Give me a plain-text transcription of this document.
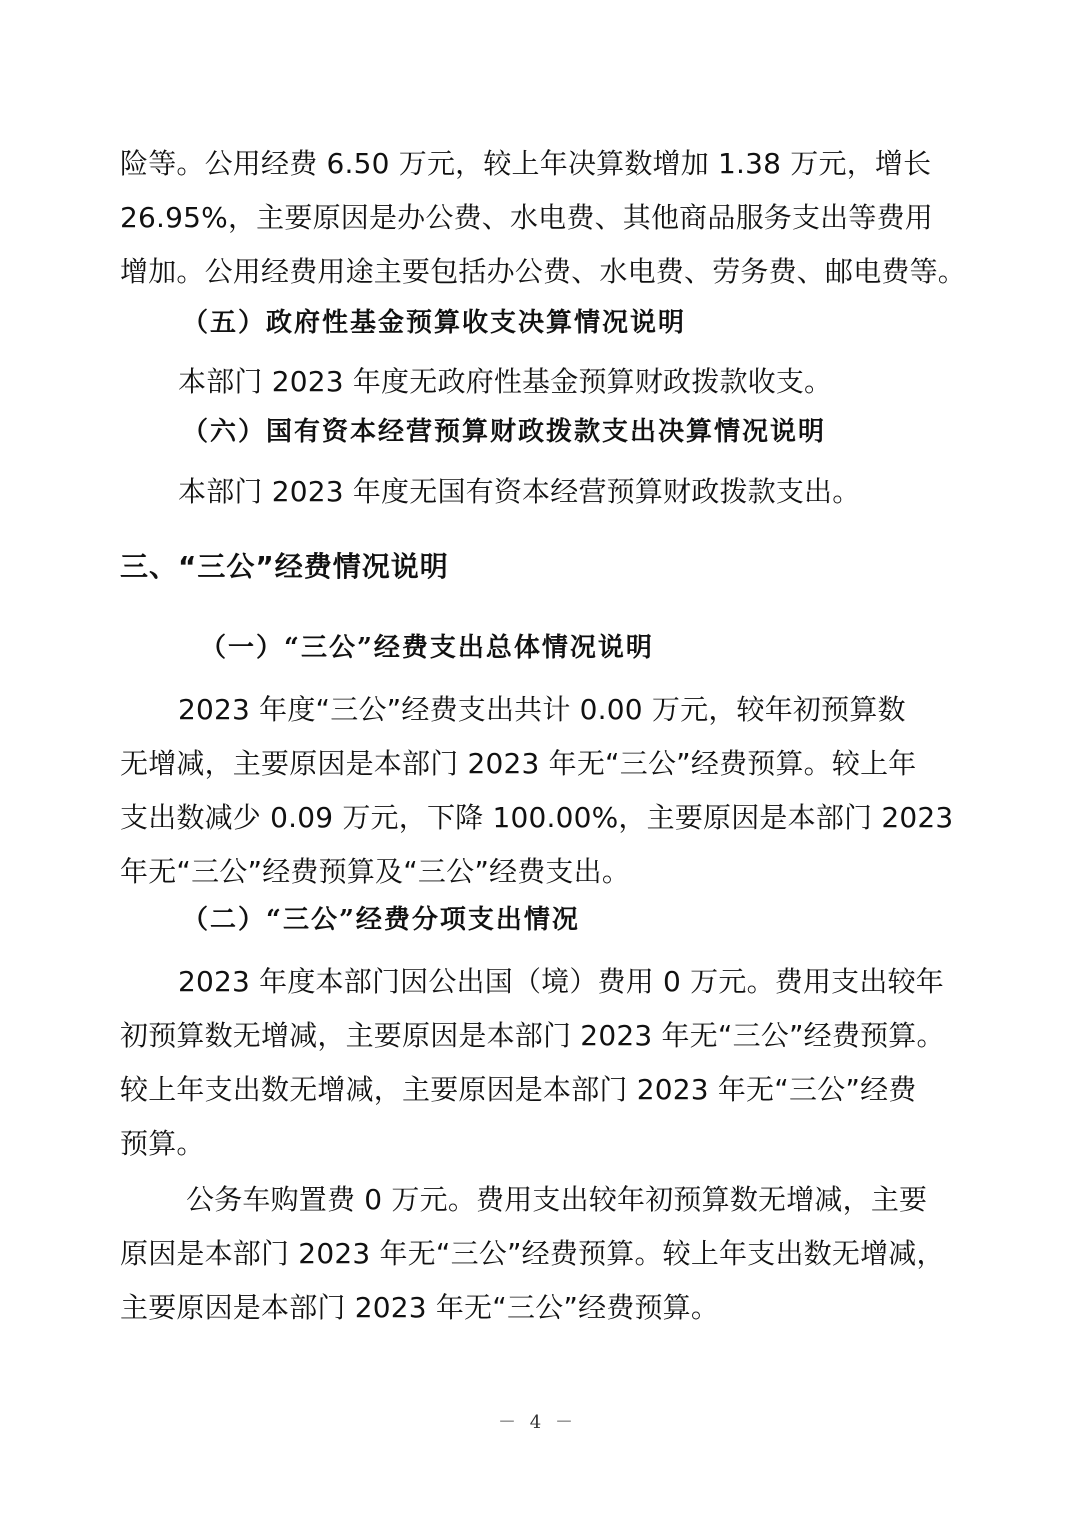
险等。公用经费 6.50 万元，较上年决算数增加 1.38 万元，增长
26.95%，主要原因是办公费、水电费、其他商品服务支出等费用
增加。公用经费用途主要包括办公费、水电费、劳务费、邮电费等。
（五）政府性基金预算收支决算情况说明
本部门 2023 年度无政府性基金预算财政拨款收支。
（六）国有资本经营预算财政拨款支出决算情况说明
本部门 2023 年度无国有资本经营预算财政拨款支出。
三、“三公”经费情况说明
（一）“三公”经费支出总体情况说明
2023 年度“三公”经费支出共计 0.00 万元，较年初预算数
无增减，主要原因是本部门 2023 年无“三公”经费预算。较上年
支出数减少 0.09 万元，下降 100.00%，主要原因是本部门 2023
年无“三公”经费预算及“三公”经费支出。
（二）“三公”经费分项支出情况
2023 年度本部门因公出国（境）费用 0 万元。费用支出较年
初预算数无增减，主要原因是本部门 2023 年无“三公”经费预算。
较上年支出数无增减，主要原因是本部门 2023 年无“三公”经费
预算。
公务车购置费 0 万元。费用支出较年初预算数无增减，主要
原因是本部门 2023 年无“三公”经费预算。较上年支出数无增减，
主要原因是本部门 2023 年无“三公”经费预算。
－ 4 －
